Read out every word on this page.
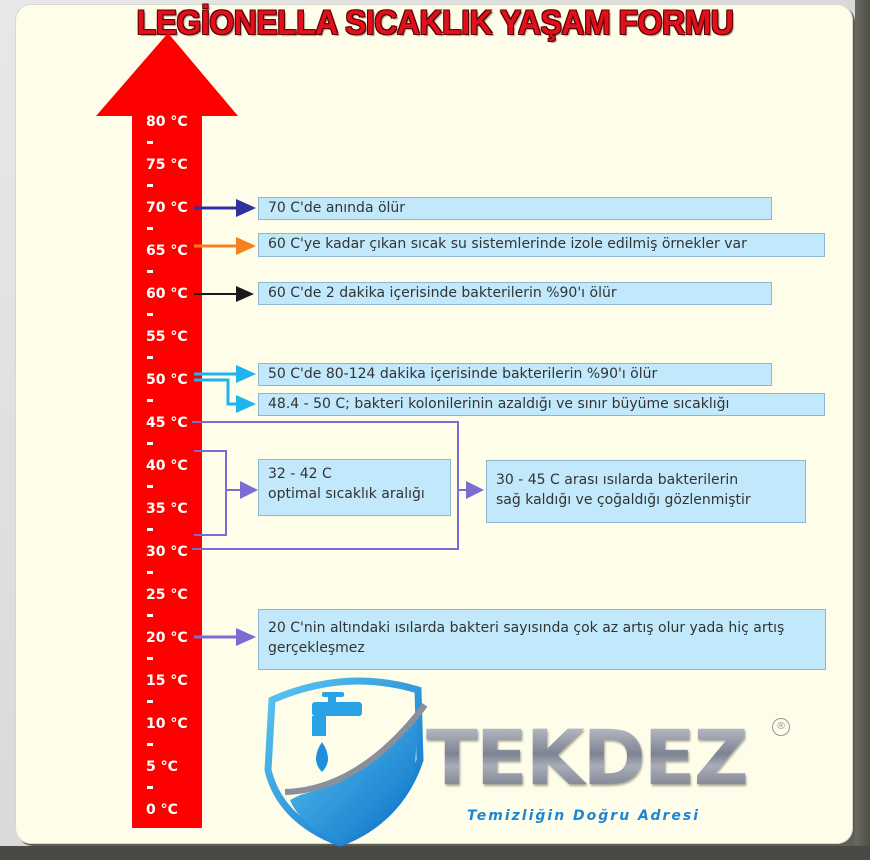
LEGİONELLA SICAKLIK YAŞAM FORMU
80 °C
75 °C
70 °C
65 °C
60 °C
55 °C
50 °C
45 °C
40 °C
35 °C
30 °C
25 °C
20 °C
15 °C
10 °C
5 °C
0 °C
70 C'de anında ölür
60 C'ye kadar çıkan sıcak su sistemlerinde izole edilmiş örnekler var
60 C'de 2 dakika içerisinde bakterilerin %90'ı ölür
50 C'de 80-124 dakika içerisinde bakterilerin %90'ı ölür
48.4 - 50 C; bakteri kolonilerinin azaldığı ve sınır büyüme sıcaklığı
32 - 42 C
optimal sıcaklık aralığı
30 - 45 C arası ısılarda bakterilerin
sağ kaldığı ve çoğaldığı gözlenmiştir
20 C'nin altındaki ısılarda bakteri sayısında çok az artış olur yada hiç artış gerçekleşmez
TEKDEZ	®
Temizliğin Doğru Adresi
